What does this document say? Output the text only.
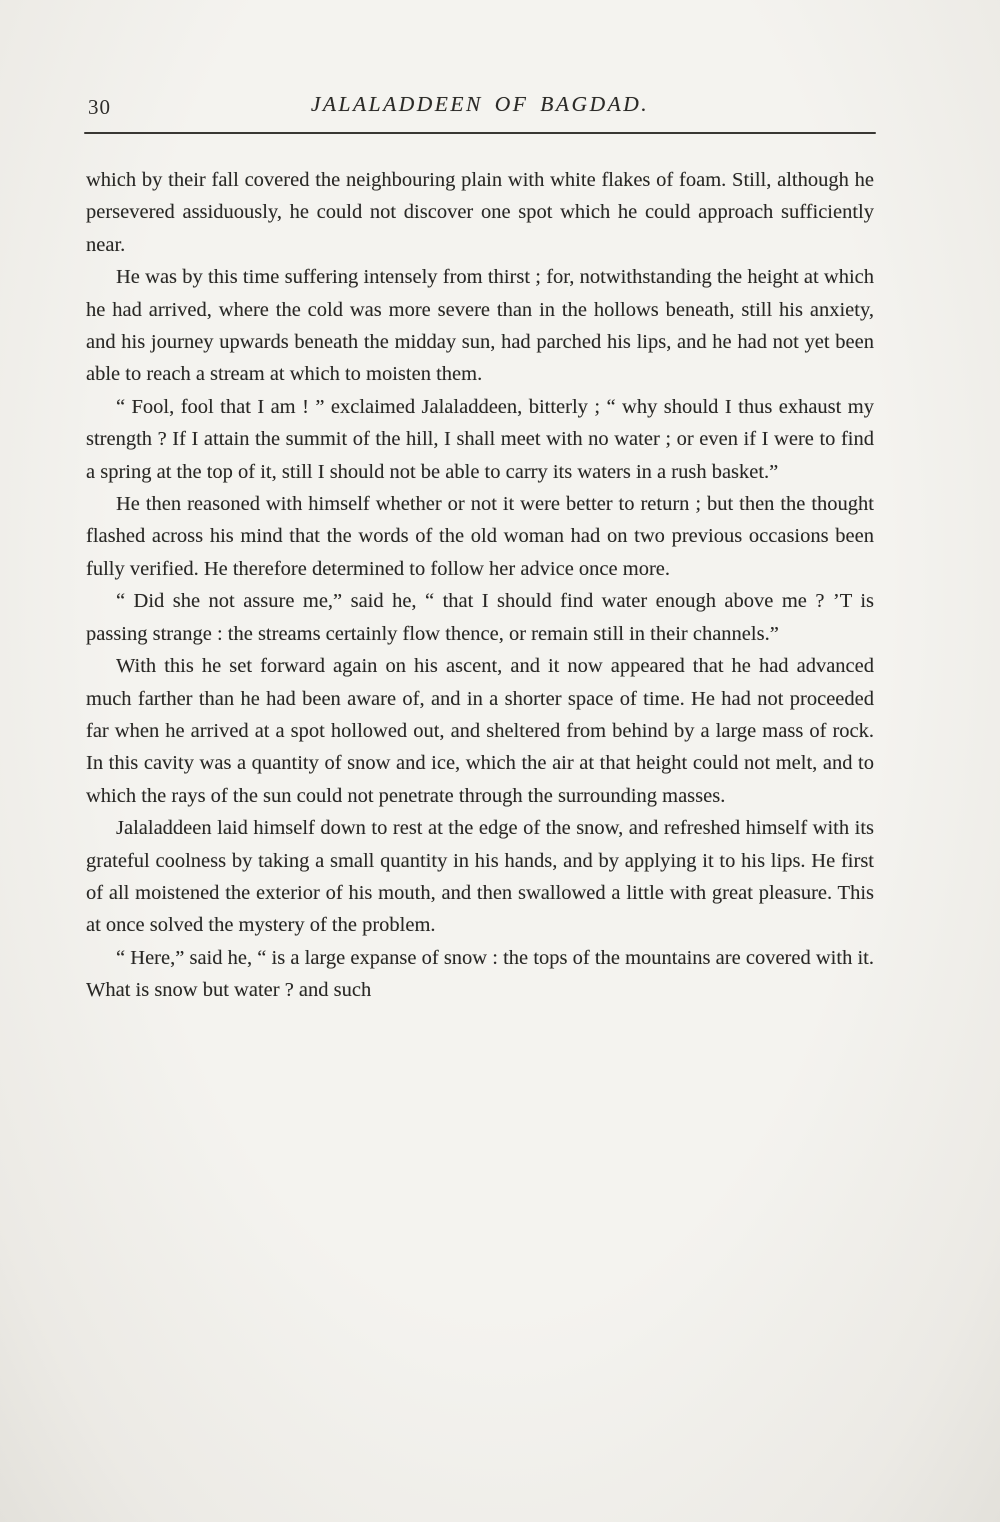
30	JALALADDEEN OF BAGDAD.

which by their fall covered the neighbouring plain with white flakes of foam. Still, although he persevered assiduously, he could not discover one spot which he could approach sufficiently near.

He was by this time suffering intensely from thirst ; for, notwithstanding the height at which he had arrived, where the cold was more severe than in the hollows beneath, still his anxiety, and his journey upwards beneath the midday sun, had parched his lips, and he had not yet been able to reach a stream at which to moisten them.

“ Fool, fool that I am ! ” exclaimed Jalaladdeen, bitterly ; “ why should I thus exhaust my strength ? If I attain the summit of the hill, I shall meet with no water ; or even if I were to find a spring at the top of it, still I should not be able to carry its waters in a rush basket.”

He then reasoned with himself whether or not it were better to return ; but then the thought flashed across his mind that the words of the old woman had on two previous occasions been fully verified. He therefore determined to follow her advice once more.

“ Did she not assure me,” said he, “ that I should find water enough above me ? ’T is passing strange : the streams certainly flow thence, or remain still in their channels.”

With this he set forward again on his ascent, and it now appeared that he had advanced much farther than he had been aware of, and in a shorter space of time. He had not proceeded far when he arrived at a spot hollowed out, and sheltered from behind by a large mass of rock. In this cavity was a quantity of snow and ice, which the air at that height could not melt, and to which the rays of the sun could not penetrate through the surrounding masses.

Jalaladdeen laid himself down to rest at the edge of the snow, and refreshed himself with its grateful coolness by taking a small quantity in his hands, and by applying it to his lips. He first of all moistened the exterior of his mouth, and then swallowed a little with great pleasure. This at once solved the mystery of the problem.

“ Here,” said he, “ is a large expanse of snow : the tops of the mountains are covered with it. What is snow but water ? and such
